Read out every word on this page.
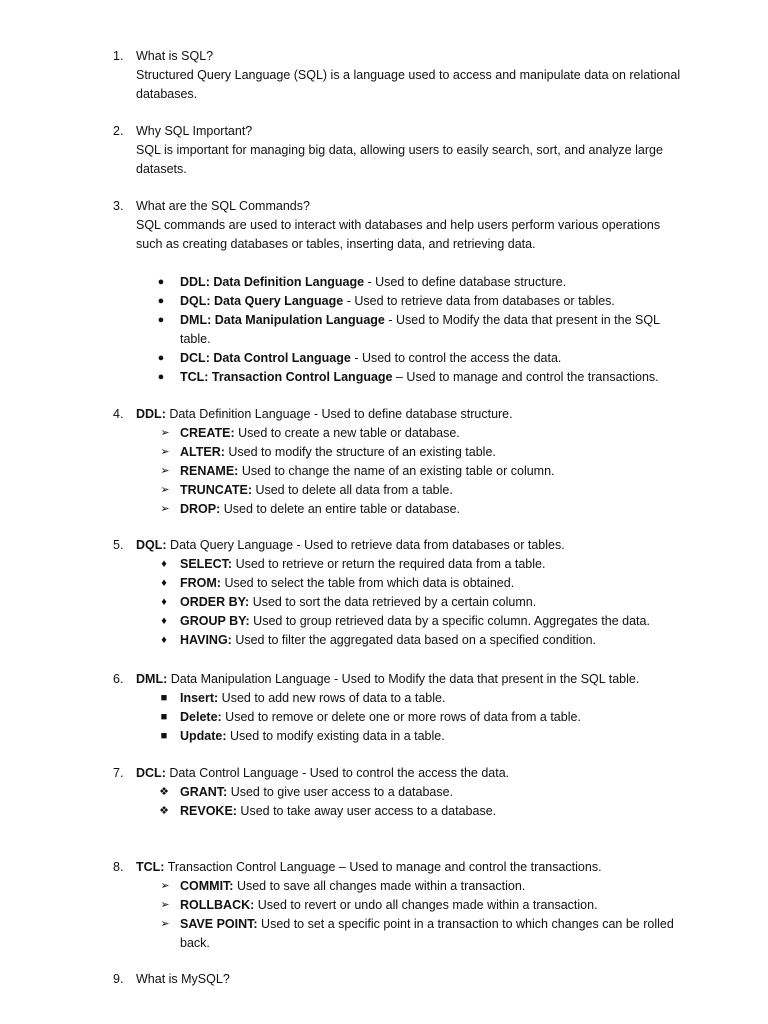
1. What is SQL?
Structured Query Language (SQL) is a language used to access and manipulate data on relational
databases.
2. Why SQL Important?
SQL is important for managing big data, allowing users to easily search, sort, and analyze large
datasets.
3. What are the SQL Commands?
SQL commands are used to interact with databases and help users perform various operations
such as creating databases or tables, inserting data, and retrieving data.
● DDL: Data Definition Language - Used to define database structure.
● DQL: Data Query Language - Used to retrieve data from databases or tables.
● DML: Data Manipulation Language - Used to Modify the data that present in the SQL
table.
● DCL: Data Control Language - Used to control the access the data.
● TCL: Transaction Control Language – Used to manage and control the transactions.
4. DDL: Data Definition Language - Used to define database structure.
➢ CREATE: Used to create a new table or database.
➢ ALTER: Used to modify the structure of an existing table.
➢ RENAME: Used to change the name of an existing table or column.
➢ TRUNCATE: Used to delete all data from a table.
➢ DROP: Used to delete an entire table or database.
5. DQL: Data Query Language - Used to retrieve data from databases or tables.
♦	SELECT: Used to retrieve or return the required data from a table.
♦	FROM: Used to select the table from which data is obtained.
♦	ORDER BY: Used to sort the data retrieved by a certain column.
♦	GROUP BY: Used to group retrieved data by a specific column. Aggregates the data.
♦	HAVING: Used to filter the aggregated data based on a specified condition.
6. DML: Data Manipulation Language - Used to Modify the data that present in the SQL table.
■ Insert: Used to add new rows of data to a table.
■ Delete: Used to remove or delete one or more rows of data from a table.
■ Update: Used to modify existing data in a table.
7. DCL: Data Control Language - Used to control the access the data.
❖ GRANT: Used to give user access to a database.
❖ REVOKE: Used to take away user access to a database.
8. TCL: Transaction Control Language – Used to manage and control the transactions.
➢ COMMIT: Used to save all changes made within a transaction.
➢ ROLLBACK: Used to revert or undo all changes made within a transaction.
➢ SAVE POINT: Used to set a specific point in a transaction to which changes can be rolled
back.
9. What is MySQL?
